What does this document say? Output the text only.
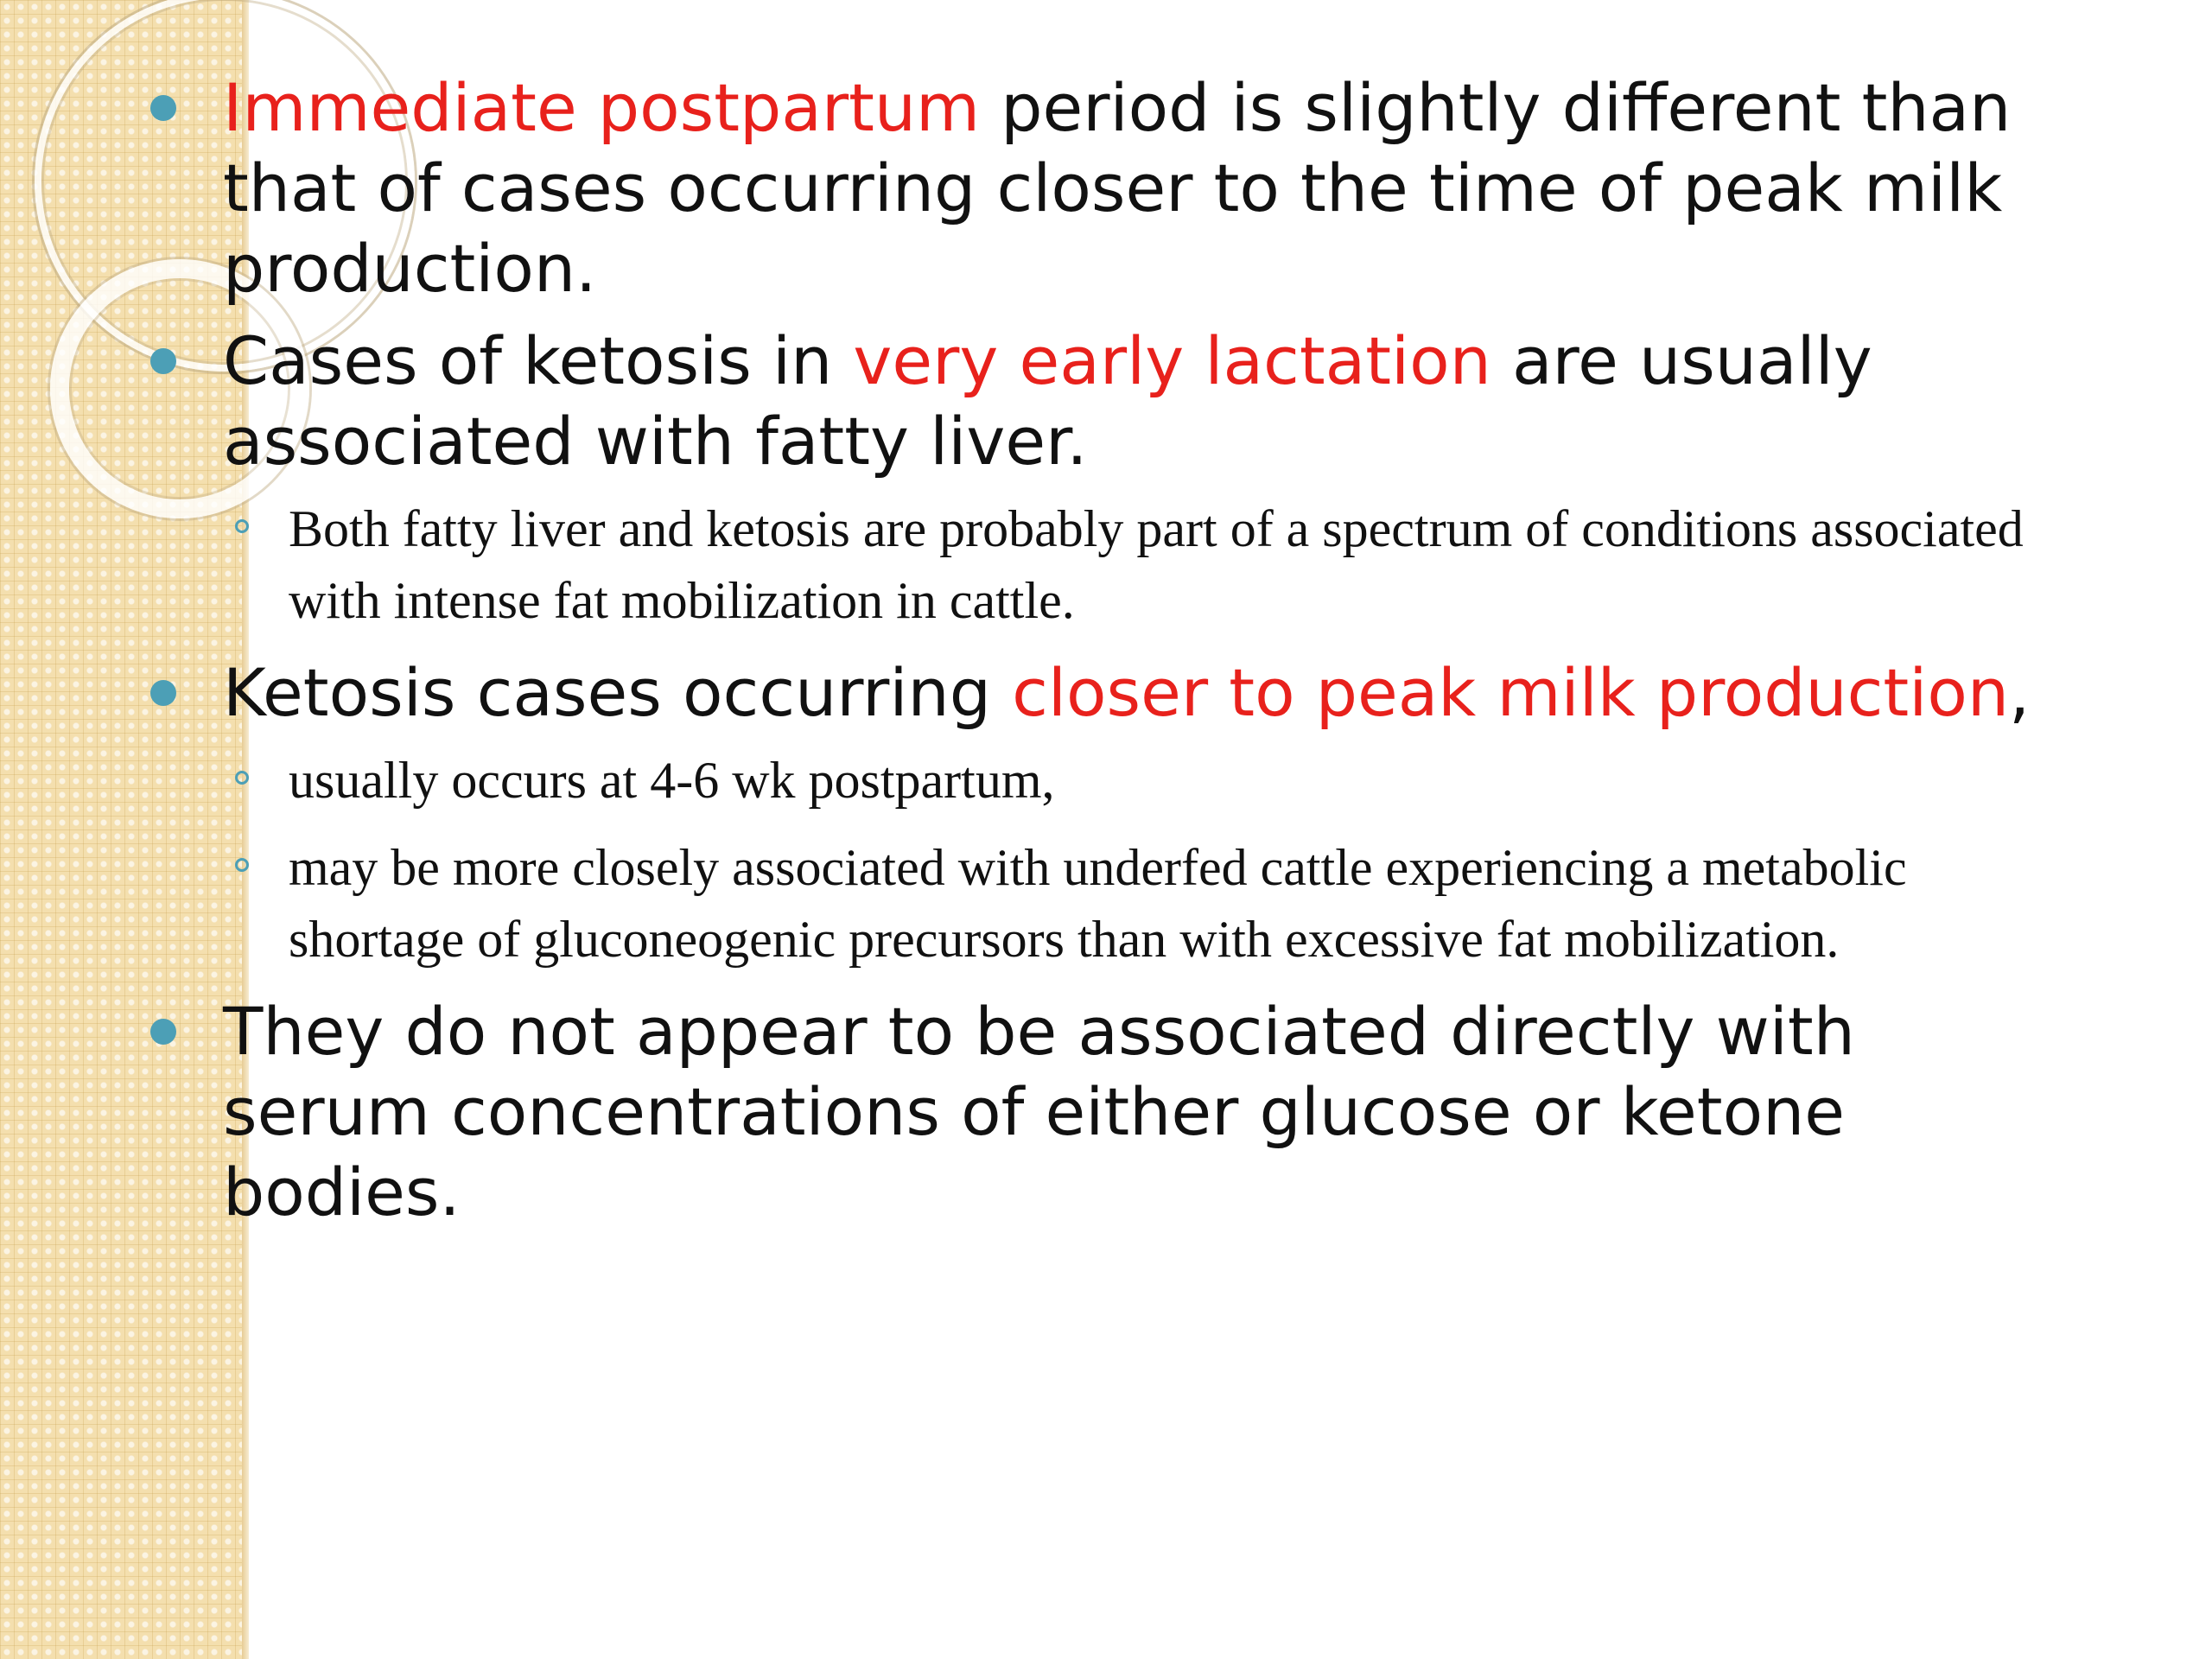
Immediate postpartum period is slightly different than that of cases occurring closer to the time of peak milk production.
Cases of ketosis in very early lactation are usually associated with fatty liver.
Both fatty liver and ketosis are probably part of a spectrum of conditions associated with intense fat mobilization in cattle.
Ketosis cases occurring closer to peak milk production,
usually occurs at 4-6 wk postpartum,
may be more closely associated with underfed cattle experiencing a metabolic shortage of gluconeogenic precursors than with excessive fat mobilization.
They do not appear to be associated directly with serum concentrations of either glucose or ketone bodies.
